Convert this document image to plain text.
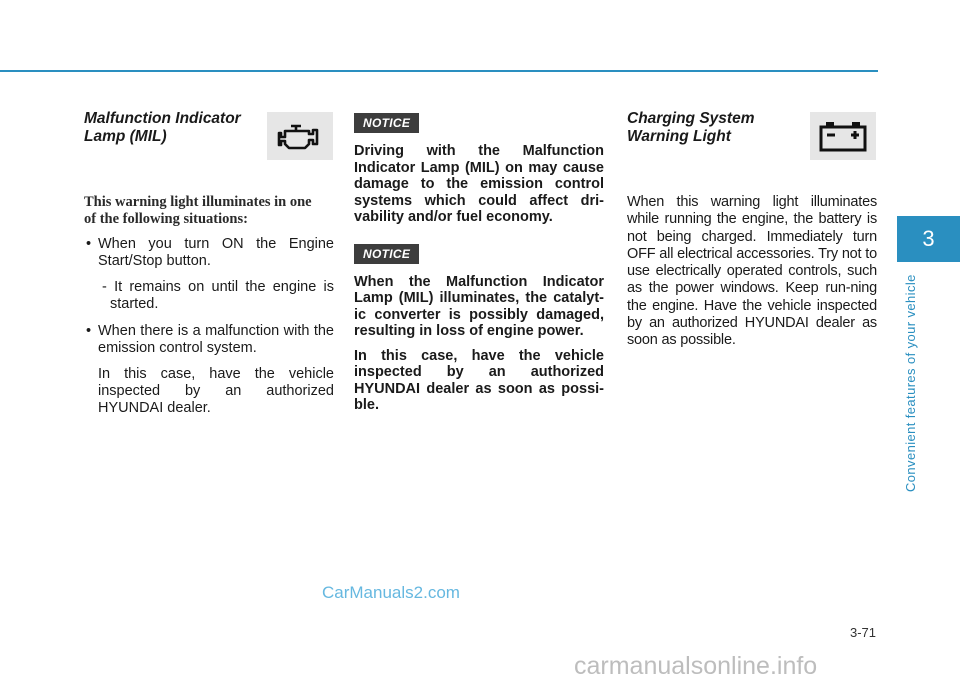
Malfunction Indicator Lamp (MIL)
This warning light illuminates in one of the following situations:
• When you turn ON the Engine Start/Stop button.
- It remains on until the engine is started.
• When there is a malfunction with the emission control system.
In this case, have the vehicle inspected by an authorized HYUNDAI dealer.
NOTICE
Driving with the Malfunction Indicator Lamp (MIL) on may cause damage to the emission control systems which could affect dri-vability and/or fuel economy.
NOTICE
When the Malfunction Indicator Lamp (MIL) illuminates, the catalyt-ic converter is possibly damaged, resulting in loss of engine power.
In this case, have the vehicle inspected by an authorized HYUNDAI dealer as soon as possi-ble.
Charging System Warning Light
When this warning light illuminates while running the engine, the battery is not being charged. Immediately turn OFF all electrical accessories. Try not to use electrically operated controls, such as the power windows. Keep run-ning the engine. Have the vehicle inspected by an authorized HYUNDAI dealer as soon as possible.
3
Convenient features of your vehicle
3-71
CarManuals2.com
carmanualsonline.info
